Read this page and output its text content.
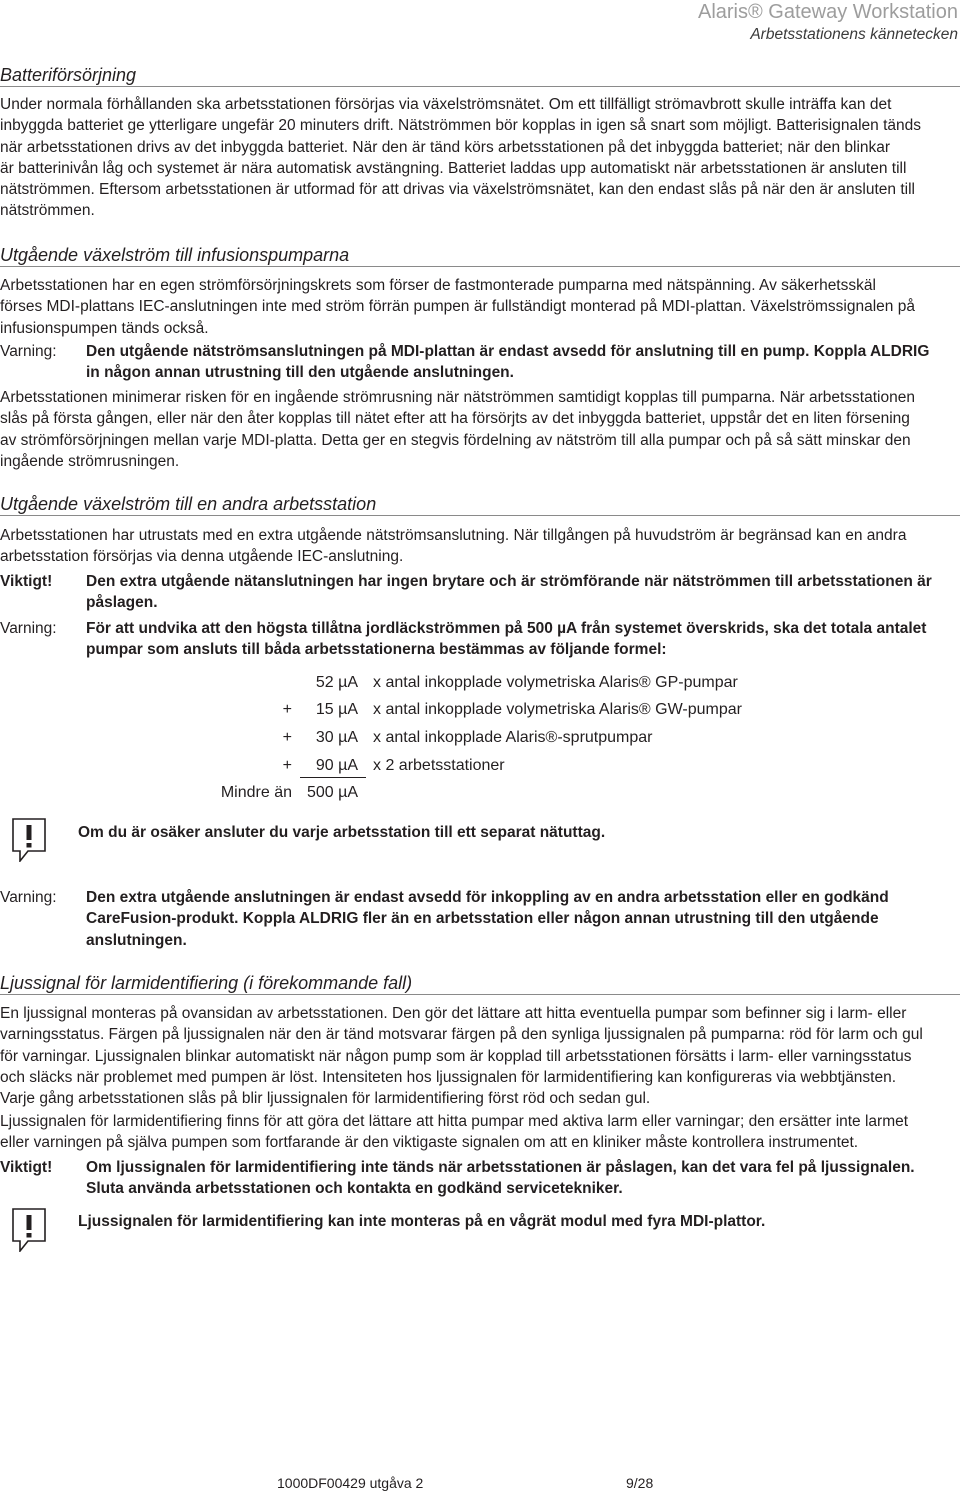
Alaris® Gateway Workstation
Arbetsstationens kännetecken
Batteriförsörjning
Under normala förhållanden ska arbetsstationen försörjas via växelströmsnätet. Om ett tillfälligt strömavbrott skulle inträffa kan det
inbyggda batteriet ge ytterligare ungefär 20 minuters drift. Nätströmmen bör kopplas in igen så snart som möjligt. Batterisignalen tänds
när arbetsstationen drivs av det inbyggda batteriet. När den är tänd körs arbetsstationen på det inbyggda batteriet; när den blinkar
är batterinivån låg och systemet är nära automatisk avstängning. Batteriet laddas upp automatiskt när arbetsstationen är ansluten till
nätströmmen. Eftersom arbetsstationen är utformad för att drivas via växelströmsnätet, kan den endast slås på när den är ansluten till
nätströmmen.
Utgående växelström till infusionspumparna
Arbetsstationen har en egen strömförsörjningskrets som förser de fastmonterade pumparna med nätspänning. Av säkerhetsskäl
förses MDI-plattans IEC-anslutningen inte med ström förrän pumpen är fullständigt monterad på MDI-plattan. Växelströmssignalen på
infusionspumpen tänds också.
Varning: Den utgående nätströmsanslutningen på MDI-plattan är endast avsedd för anslutning till en pump. Koppla ALDRIG
in någon annan utrustning till den utgående anslutningen.
Arbetsstationen minimerar risken för en ingående strömrusning när nätströmmen samtidigt kopplas till pumparna. När arbetsstationen
slås på första gången, eller när den åter kopplas till nätet efter att ha försörjts av det inbyggda batteriet, uppstår det en liten försening
av strömförsörjningen mellan varje MDI-platta. Detta ger en stegvis fördelning av nätström till alla pumpar och på så sätt minskar den
ingående strömrusningen.
Utgående växelström till en andra arbetsstation
Arbetsstationen har utrustats med en extra utgående nätströmsanslutning. När tillgången på huvudström är begränsad kan en andra
arbetsstation försörjas via denna utgående IEC-anslutning.
Viktigt! Den extra utgående nätanslutningen har ingen brytare och är strömförande när nätströmmen till arbetsstationen är
påslagen.
Varning: För att undvika att den högsta tillåtna jordläckströmmen på 500 µA från systemet överskrids, ska det totala antalet
pumpar som ansluts till båda arbetsstationerna bestämmas av följande formel:
52 µA x antal inkopplade volymetriska Alaris® GP-pumpar
+	15 µA x antal inkopplade volymetriska Alaris® GW-pumpar
+	30 µA x antal inkopplade Alaris®-sprutpumpar
+	90 µA x 2 arbetsstationer
Mindre än 500 µA
Om du är osäker ansluter du varje arbetsstation till ett separat nätuttag.
Varning: Den extra utgående anslutningen är endast avsedd för inkoppling av en andra arbetsstation eller en godkänd
CareFusion-produkt. Koppla ALDRIG fler än en arbetsstation eller någon annan utrustning till den utgående
anslutningen.
Ljussignal för larmidentifiering (i förekommande fall)
En ljussignal monteras på ovansidan av arbetsstationen. Den gör det lättare att hitta eventuella pumpar som befinner sig i larm- eller
varningsstatus. Färgen på ljussignalen när den är tänd motsvarar färgen på den synliga ljussignalen på pumparna: röd för larm och gul
för varningar. Ljussignalen blinkar automatiskt när någon pump som är kopplad till arbetsstationen försätts i larm- eller varningsstatus
och släcks när problemet med pumpen är löst. Intensiteten hos ljussignalen för larmidentifiering kan konfigureras via webbtjänsten.
Varje gång arbetsstationen slås på blir ljussignalen för larmidentifiering först röd och sedan gul.
Ljussignalen för larmidentifiering finns för att göra det lättare att hitta pumpar med aktiva larm eller varningar; den ersätter inte larmet
eller varningen på själva pumpen som fortfarande är den viktigaste signalen om att en kliniker måste kontrollera instrumentet.
Viktigt! Om ljussignalen för larmidentifiering inte tänds när arbetsstationen är påslagen, kan det vara fel på ljussignalen.
Sluta använda arbetsstationen och kontakta en godkänd servicetekniker.
Ljussignalen för larmidentifiering kan inte monteras på en vågrät modul med fyra MDI-plattor.
1000DF00429 utgåva 2	9/28
